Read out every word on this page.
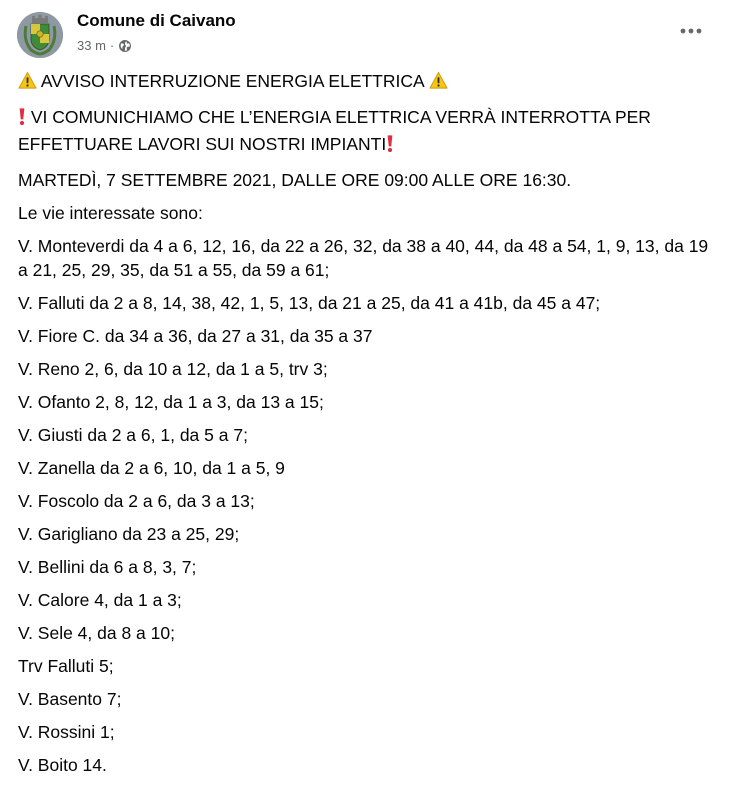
Comune di Caivano
33 m ·

AVVISO INTERRUZIONE ENERGIA ELETTRICA

VI COMUNICHIAMO CHE L’ENERGIA ELETTRICA VERRÀ INTERROTTA PER EFFETTUARE LAVORI SUI NOSTRI IMPIANTI

MARTEDÌ, 7 SETTEMBRE 2021, DALLE ORE 09:00 ALLE ORE 16:30.

Le vie interessate sono:

V. Monteverdi da 4 a 6, 12, 16, da 22 a 26, 32, da 38 a 40, 44, da 48 a 54, 1, 9, 13, da 19 a 21, 25, 29, 35, da 51 a 55, da 59 a 61;

V. Falluti da 2 a 8, 14, 38, 42, 1, 5, 13, da 21 a 25, da 41 a 41b, da 45 a 47;

V. Fiore C. da 34 a 36, da 27 a 31, da 35 a 37

V. Reno 2, 6, da 10 a 12, da 1 a 5, trv 3;

V. Ofanto 2, 8, 12, da 1 a 3, da 13 a 15;

V. Giusti da 2 a 6, 1, da 5 a 7;

V. Zanella da 2 a 6, 10, da 1 a 5, 9

V. Foscolo da 2 a 6, da 3 a 13;

V. Garigliano da 23 a 25, 29;

V. Bellini da 6 a 8, 3, 7;

V. Calore 4, da 1 a 3;

V. Sele 4, da 8 a 10;

Trv Falluti 5;

V. Basento 7;

V. Rossini 1;

V. Boito 14.
